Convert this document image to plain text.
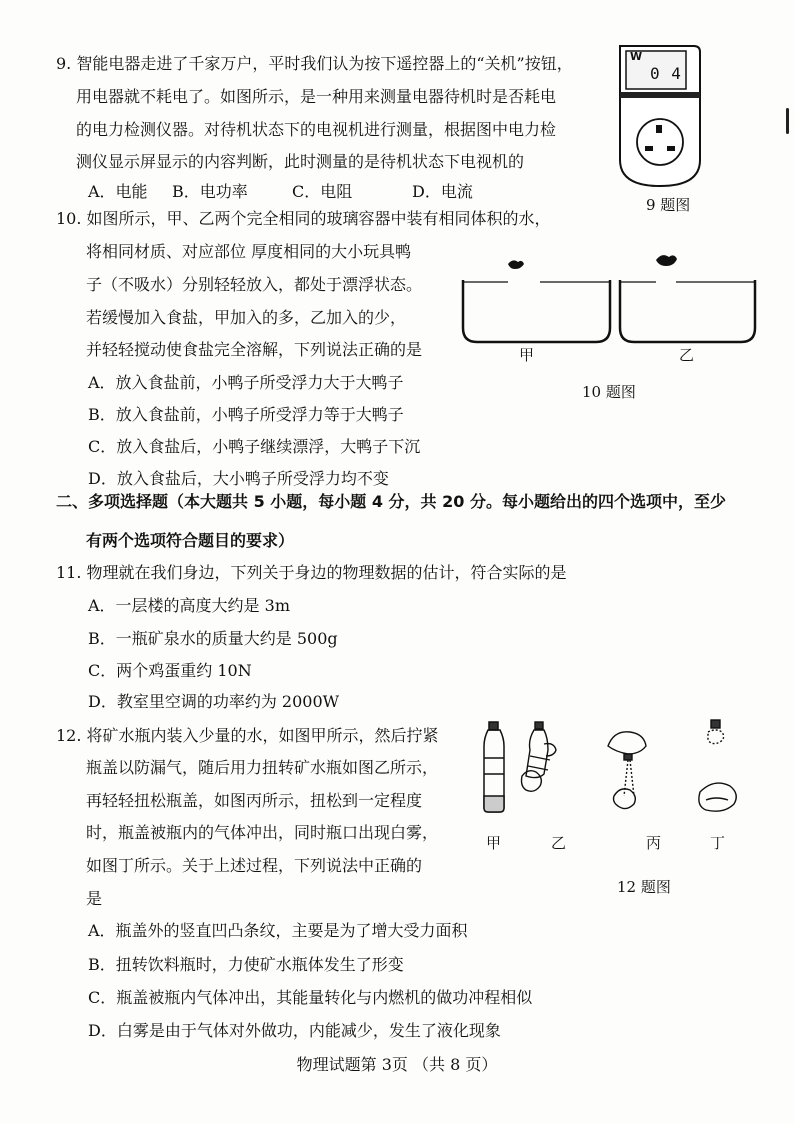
9. 智能电器走进了千家万户，平时我们认为按下遥控器上的“关机”按钮，
用电器就不耗电了。如图所示，是一种用来测量电器待机时是否耗电
的电力检测仪器。对待机状态下的电视机进行测量，根据图中电力检
测仪显示屏显示的内容判断，此时测量的是待机状态下电视机的
A．电能	B．电功率	C．电阻	D．电流
W
0 4
9 题图
10. 如图所示，甲、乙两个完全相同的玻璃容器中装有相同体积的水，
将相同材质、对应部位 厚度相同的大小玩具鸭
子（不吸水）分别轻轻放入，都处于漂浮状态。
若缓慢加入食盐，甲加入的多，乙加入的少，
并轻轻搅动使食盐完全溶解，下列说法正确的是
A．放入食盐前，小鸭子所受浮力大于大鸭子
B．放入食盐前，小鸭子所受浮力等于大鸭子
C．放入食盐后，小鸭子继续漂浮，大鸭子下沉
D．放入食盐后，大小鸭子所受浮力均不变
甲	乙
10 题图
二、多项选择题（本大题共 5 小题，每小题 4 分，共 20 分。每小题给出的四个选项中，至少
有两个选项符合题目的要求）
11. 物理就在我们身边，下列关于身边的物理数据的估计，符合实际的是
A．一层楼的高度大约是 3m
B．一瓶矿泉水的质量大约是 500g
C．两个鸡蛋重约 10N
D．教室里空调的功率约为 2000W
12. 将矿水瓶内装入少量的水，如图甲所示，然后拧紧
瓶盖以防漏气，随后用力扭转矿水瓶如图乙所示，
再轻轻扭松瓶盖，如图丙所示，扭松到一定程度
时，瓶盖被瓶内的气体冲出，同时瓶口出现白雾，
如图丁所示。关于上述过程，下列说法中正确的
是
A．瓶盖外的竖直凹凸条纹，主要是为了增大受力面积
B．扭转饮料瓶时，力使矿水瓶体发生了形变
C．瓶盖被瓶内气体冲出，其能量转化与内燃机的做功冲程相似
D．白雾是由于气体对外做功，内能减少，发生了液化现象
甲	乙	丙	丁
12 题图
物理试题第 3页 （共 8 页）
